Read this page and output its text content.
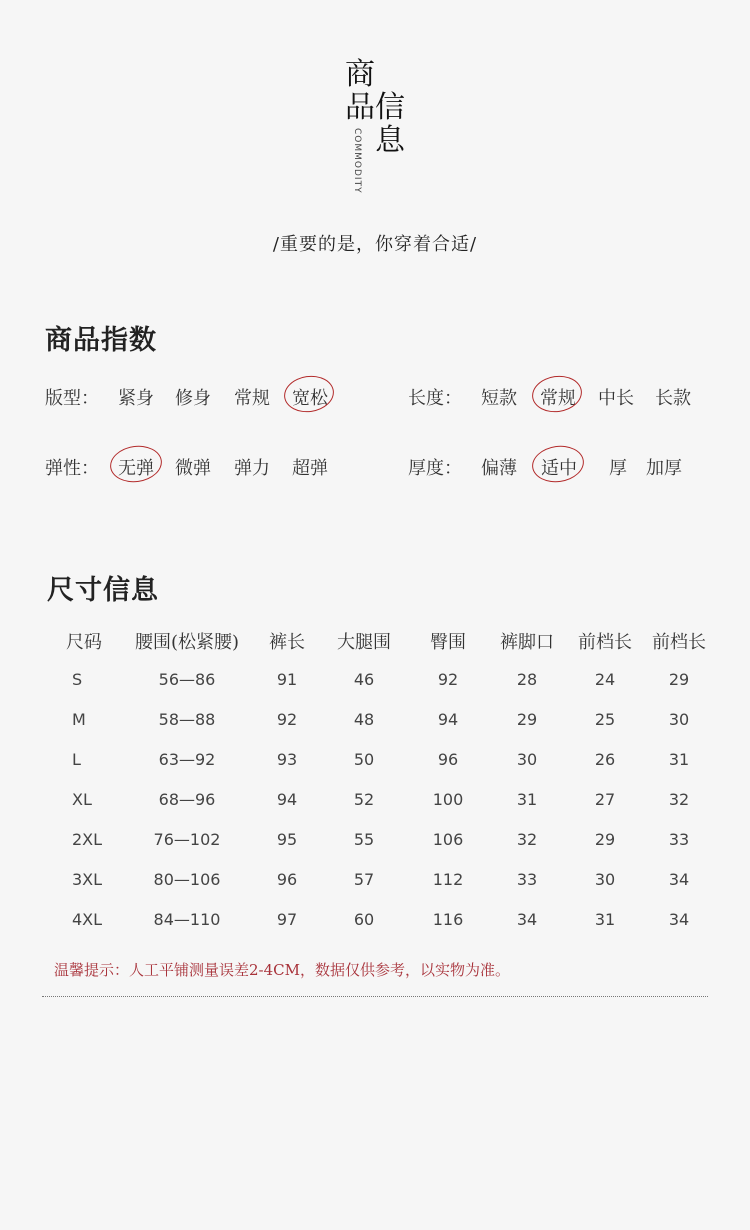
商
品 信
息
COMMODITY
/重要的是，你穿着合适/
商品指数
版型： 紧身 修身 常规 宽松	长度： 短款 常规 中长 长款
弹性： 无弹 微弹 弹力 超弹	厚度： 偏薄 适中 厚 加厚
尺寸信息
尺码	腰围(松紧腰)	裤长	大腿围	臀围	裤脚口	前档长	前档长
S	56—86	91	46	92	28	24	29
M	58—88	92	48	94	29	25	30
L	63—92	93	50	96	30	26	31
XL	68—96	94	52	100	31	27	32
2XL	76—102	95	55	106	32	29	33
3XL	80—106	96	57	112	33	30	34
4XL	84—110	97	60	116	34	31	34
温馨提示：人工平铺测量误差2-4CM，数据仅供参考，以实物为准。
